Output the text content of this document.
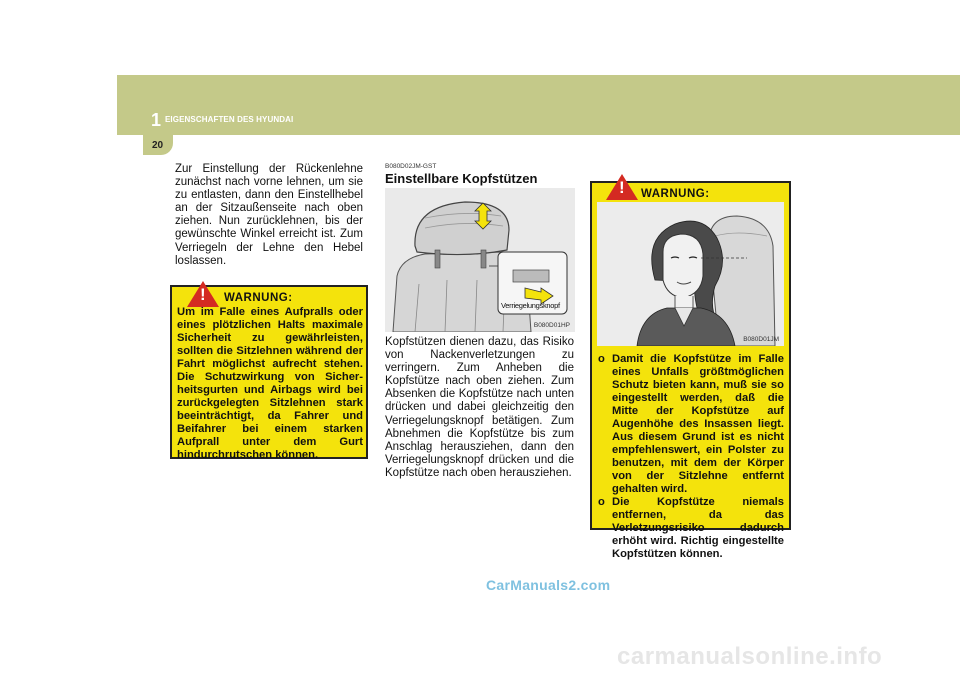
1 EIGENSCHAFTEN DES HYUNDAI
20
Zur Einstellung der Rückenlehne zunächst nach vorne lehnen, um sie zu entlasten, dann den Einstellhebel an der Sitzaußenseite nach oben ziehen. Nun zurücklehnen, bis der gewünschte Winkel erreicht ist. Zum Verriegeln der Lehne den Hebel loslassen.
! WARNUNG:
Um im Falle eines Aufpralls oder eines plötzlichen Halts maximale Sicherheit zu gewährleisten, sollten die Sitzlehnen während der Fahrt möglichst aufrecht stehen. Die Schutzwirkung von Sicher-heitsgurten und Airbags wird bei zurückgelegten Sitzlehnen stark beeinträchtigt, da Fahrer und Beifahrer bei einem starken Aufprall unter dem Gurt hindurchrutschen können.
B080D02JM-GST
Einstellbare Kopfstützen
Verriegelungsknopf
B080D01HP
Kopfstützen dienen dazu, das Risiko von Nackenverletzungen zu verringern. Zum Anheben die Kopfstütze nach oben ziehen. Zum Absenken die Kopfstütze nach unten drücken und dabei gleichzeitig den Verriegelungsknopf betätigen. Zum Abnehmen die Kopfstütze bis zum Anschlag herausziehen, dann den Verriegelungsknopf drücken und die Kopfstütze nach oben herausziehen.
! WARNUNG:
B080D01JM
o Damit die Kopfstütze im Falle eines Unfalls größtmöglichen Schutz bieten kann, muß sie so eingestellt werden, daß die Mitte der Kopfstütze auf Augenhöhe des Insassen liegt. Aus diesem Grund ist es nicht empfehlenswert, ein Polster zu benutzen, mit dem der Körper von der Sitzlehne entfernt gehalten wird.
o Die Kopfstütze niemals entfernen, da das Verletzungsrisiko dadurch erhöht wird. Richtig eingestellte Kopfstützen können.
CarManuals2.com
carmanualsonline.info
